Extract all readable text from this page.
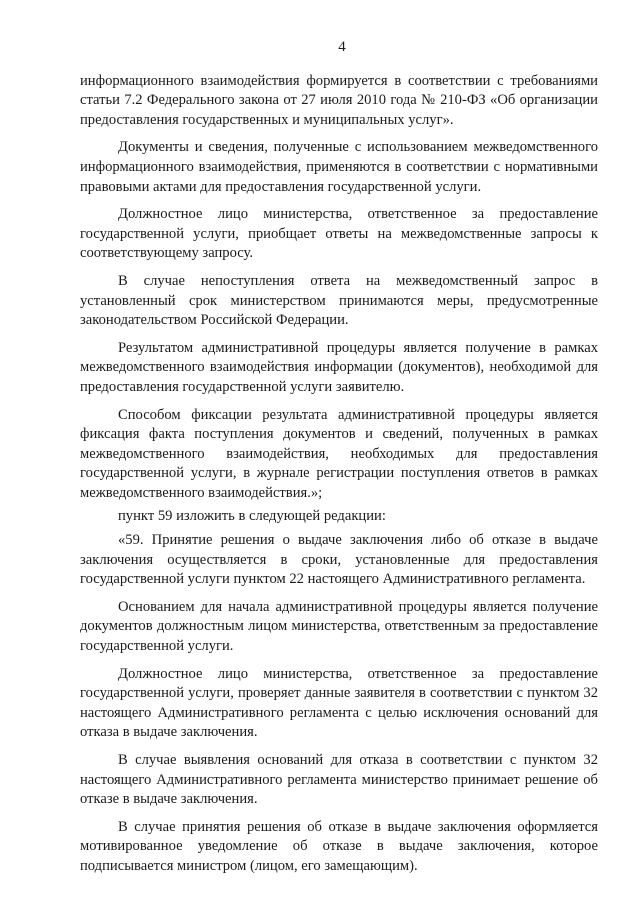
4

информационного взаимодействия формируется в соответствии с требованиями статьи 7.2 Федерального закона от 27 июля 2010 года № 210-ФЗ «Об организации предоставления государственных и муниципальных услуг».

Документы и сведения, полученные с использованием межведомственного информационного взаимодействия, применяются в соответствии с нормативными правовыми актами для предоставления государственной услуги.

Должностное лицо министерства, ответственное за предоставление государственной услуги, приобщает ответы на межведомственные запросы к соответствующему запросу.

В случае непоступления ответа на межведомственный запрос в установленный срок министерством принимаются меры, предусмотренные законодательством Российской Федерации.

Результатом административной процедуры является получение в рамках межведомственного взаимодействия информации (документов), необходимой для предоставления государственной услуги заявителю.

Способом фиксации результата административной процедуры является фиксация факта поступления документов и сведений, полученных в рамках межведомственного взаимодействия, необходимых для предоставления государственной услуги, в журнале регистрации поступления ответов в рамках межведомственного взаимодействия.»;

пункт 59 изложить в следующей редакции:

«59. Принятие решения о выдаче заключения либо об отказе в выдаче заключения осуществляется в сроки, установленные для предоставления государственной услуги пунктом 22 настоящего Административного регламента.

Основанием для начала административной процедуры является получение документов должностным лицом министерства, ответственным за предоставление государственной услуги.

Должностное лицо министерства, ответственное за предоставление государственной услуги, проверяет данные заявителя в соответствии с пунктом 32 настоящего Административного регламента с целью исключения оснований для отказа в выдаче заключения.

В случае выявления оснований для отказа в соответствии с пунктом 32 настоящего Административного регламента министерство принимает решение об отказе в выдаче заключения.

В случае принятия решения об отказе в выдаче заключения оформляется мотивированное уведомление об отказе в выдаче заключения, которое подписывается министром (лицом, его замещающим).
